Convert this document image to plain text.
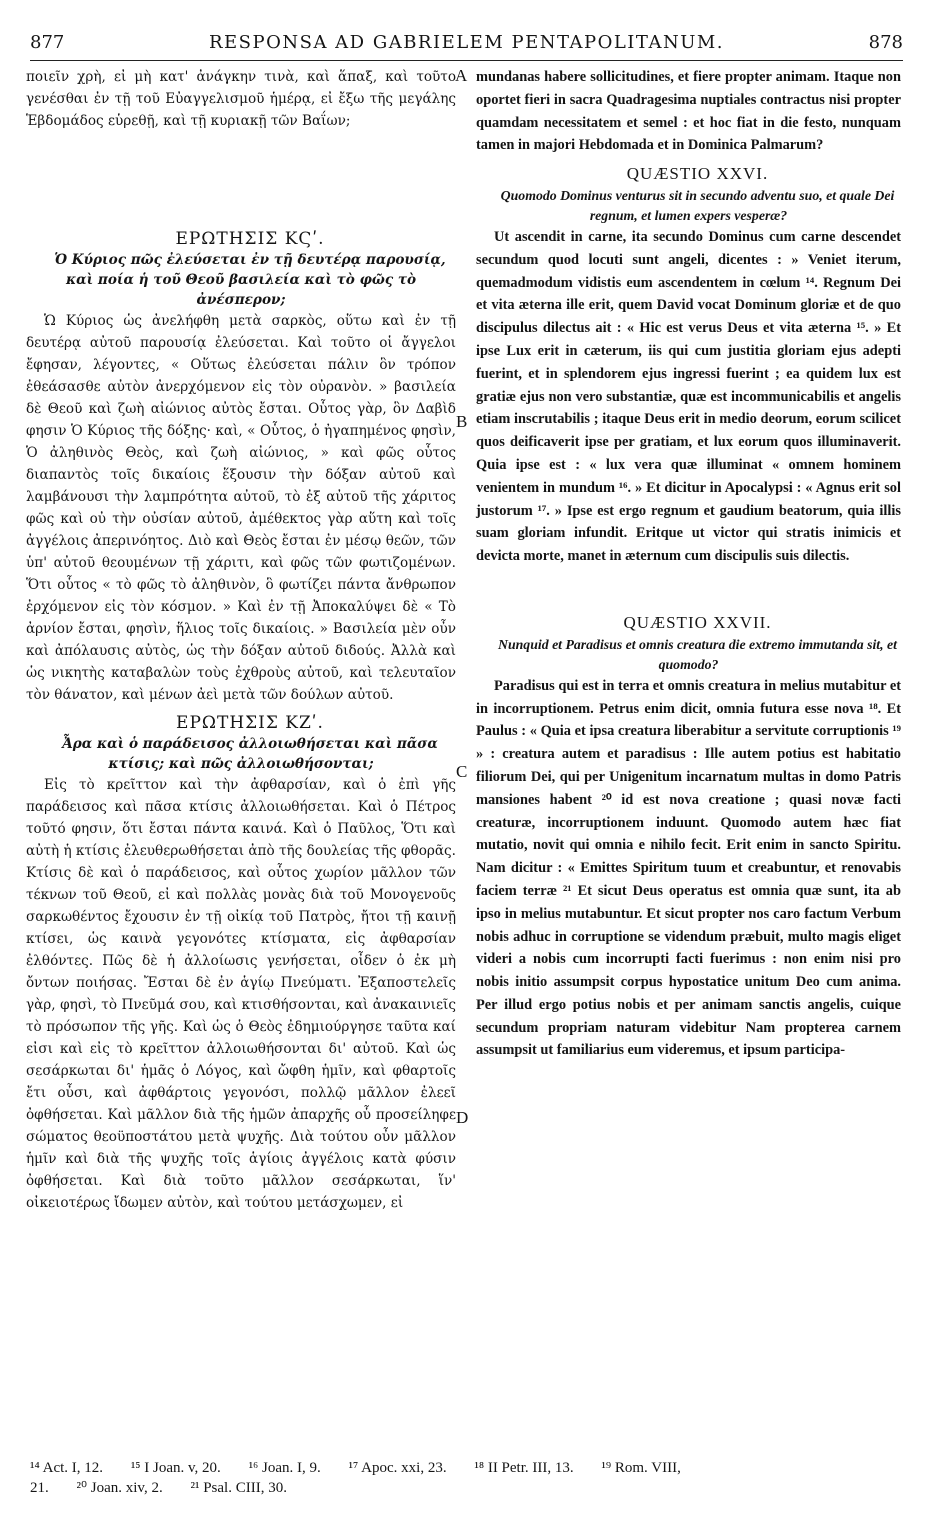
877	RESPONSA AD GABRIELEM PENTAPOLITANUM.	878

ποιεῖν χρὴ, εἰ μὴ κατ' ἀνάγκην τινὰ, καὶ ἅπαξ, καὶ τοῦτο γενέσθαι ἐν τῇ τοῦ Εὐαγγελισμοῦ ἡμέρᾳ, εἰ ἔξω τῆς μεγάλης Ἑβδομάδος εὑρεθῇ, καὶ τῇ κυριακῇ τῶν Βαΐων;

ΕΡΩΤΗΣΙΣ ΚϚʹ.

Ὁ Κύριος πῶς ἐλεύσεται ἐν τῇ δευτέρᾳ παρουσίᾳ, καὶ ποία ἡ τοῦ Θεοῦ βασιλεία καὶ τὸ φῶς τὸ ἀνέσπερον;

Ὡ Κύριος ὡς ἀνελήφθη μετὰ σαρκὸς, οὕτω καὶ ἐν τῇ δευτέρᾳ αὐτοῦ παρουσίᾳ ἐλεύσεται. Καὶ τοῦτο οἱ ἄγγελοι ἔφησαν, λέγοντες, « Οὕτως ἐλεύσεται πάλιν ὃν τρόπον ἐθεάσασθε αὐτὸν ἀνερχόμενον εἰς τὸν οὐρανὸν. » βασιλεία δὲ Θεοῦ καὶ ζωὴ αἰώνιος αὐτὸς ἔσται. Οὗτος γὰρ, ὃν Δαβὶδ φησιν Ὁ Κύριος τῆς δόξης· καὶ, « Οὗτος, ὁ ἠγαπημένος φησὶν, Ὁ ἀληθινὸς Θεὸς, καὶ ζωὴ αἰώνιος, » καὶ φῶς οὗτος διαπαντὸς τοῖς δικαίοις ἕξουσιν τὴν δόξαν αὐτοῦ καὶ λαμβάνουσι τὴν λαμπρότητα αὐτοῦ, τὸ ἐξ αὐτοῦ τῆς χάριτος φῶς καὶ οὐ τὴν οὐσίαν αὐτοῦ, ἀμέθεκτος γὰρ αὕτη καὶ τοῖς ἀγγέλοις ἀπερινόητος. Διὸ καὶ Θεὸς ἔσται ἐν μέσῳ θεῶν, τῶν ὑπ' αὐτοῦ θεουμένων τῇ χάριτι, καὶ φῶς τῶν φωτιζομένων. Ὅτι οὗτος « τὸ φῶς τὸ ἀληθινὸν, ὃ φωτίζει πάντα ἄνθρωπον ἐρχόμενον εἰς τὸν κόσμον. » Καὶ ἐν τῇ Ἀποκαλύψει δὲ « Τὸ ἀρνίον ἔσται, φησὶν, ἥλιος τοῖς δικαίοις. » Βασιλεία μὲν οὖν καὶ ἀπόλαυσις αὐτὸς, ὡς τὴν δόξαν αὐτοῦ διδούς. Ἀλλὰ καὶ ὡς νικητὴς καταβαλὼν τοὺς ἐχθροὺς αὐτοῦ, καὶ τελευταῖον τὸν θάνατον, καὶ μένων ἀεὶ μετὰ τῶν δούλων αὐτοῦ.

ΕΡΩΤΗΣΙΣ ΚΖʹ.

Ἆρα καὶ ὁ παράδεισος ἀλλοιωθήσεται καὶ πᾶσα κτίσις; καὶ πῶς ἀλλοιωθήσονται;

Εἰς τὸ κρεῖττον καὶ τὴν ἀφθαρσίαν, καὶ ὁ ἐπὶ γῆς παράδεισος καὶ πᾶσα κτίσις ἀλλοιωθήσεται. Καὶ ὁ Πέτρος τοῦτό φησιν, ὅτι ἔσται πάντα καινά. Καὶ ὁ Παῦλος, Ὅτι καὶ αὐτὴ ἡ κτίσις ἐλευθερωθήσεται ἀπὸ τῆς δουλείας τῆς φθορᾶς. Κτίσις δὲ καὶ ὁ παράδεισος, καὶ οὗτος χωρίον μᾶλλον τῶν τέκνων τοῦ Θεοῦ, εἰ καὶ πολλὰς μονὰς διὰ τοῦ Μονογενοῦς σαρκωθέντος ἔχουσιν ἐν τῇ οἰκίᾳ τοῦ Πατρὸς, ἤτοι τῇ καινῇ κτίσει, ὡς καινὰ γεγονότες κτίσματα, εἰς ἀφθαρσίαν ἐλθόντες. Πῶς δὲ ἡ ἀλλοίωσις γενήσεται, οἶδεν ὁ ἐκ μὴ ὄντων ποιήσας. Ἔσται δὲ ἐν ἁγίῳ Πνεύματι. Ἐξαποστελεῖς γὰρ, φησὶ, τὸ Πνεῦμά σου, καὶ κτισθήσονται, καὶ ἀνακαινιεῖς τὸ πρόσωπον τῆς γῆς. Καὶ ὡς ὁ Θεὸς ἐδημιούργησε ταῦτα καί εἰσι καὶ εἰς τὸ κρεῖττον ἀλλοιωθήσονται δι' αὐτοῦ. Καὶ ὡς σεσάρκωται δι' ἡμᾶς ὁ Λόγος, καὶ ὤφθη ἡμῖν, καὶ φθαρτοῖς ἔτι οὖσι, καὶ ἀφθάρτοις γεγονόσι, πολλῷ μᾶλλον ἐλεεῖ ὀφθήσεται. Καὶ μᾶλλον διὰ τῆς ἡμῶν ἀπαρχῆς οὗ προσείληφε σώματος θεοϋποστάτου μετὰ ψυχῆς. Διὰ τούτου οὖν μᾶλλον ἡμῖν καὶ διὰ τῆς ψυχῆς τοῖς ἁγίοις ἀγγέλοις κατὰ φύσιν ὀφθήσεται. Καὶ διὰ τοῦτο μᾶλλον σεσάρκωται, ἵν' οἰκειοτέρως ἴδωμεν αὐτὸν, καὶ τούτου μετάσχωμεν, εἰ

A
B
C
D

mundanas habere sollicitudines, et fiere propter animam. Itaque non oportet fieri in sacra Quadragesima nuptiales contractus nisi propter quamdam necessitatem et semel : et hoc fiat in die festo, nunquam tamen in majori Hebdomada et in Dominica Palmarum?

QUÆSTIO XXVI.

Quomodo Dominus venturus sit in secundo adventu suo, et quale Dei regnum, et lumen expers vesperæ?

Ut ascendit in carne, ita secundo Dominus cum carne descendet secundum quod locuti sunt angeli, dicentes : » Veniet iterum, quemadmodum vidistis eum ascendentem in cœlum ¹⁴. Regnum Dei et vita æterna ille erit, quem David vocat Dominum gloriæ et de quo discipulus dilectus ait : « Hic est verus Deus et vita æterna ¹⁵. » Et ipse Lux erit in cæterum, iis qui cum justitia gloriam ejus adepti fuerint, et in splendorem ejus ingressi fuerint ; ea quidem lux est gratiæ ejus non vero substantiæ, quæ est incommunicabilis et angelis etiam inscrutabilis ; itaque Deus erit in medio deorum, eorum scilicet quos deificaverit ipse per gratiam, et lux eorum quos illuminaverit. Quia ipse est : « lux vera quæ illuminat « omnem hominem venientem in mundum ¹⁶. » Et dicitur in Apocalypsi : « Agnus erit sol justorum ¹⁷. » Ipse est ergo regnum et gaudium beatorum, quia illis suam gloriam infundit. Eritque ut victor qui stratis inimicis et devicta morte, manet in æternum cum discipulis suis dilectis.

QUÆSTIO XXVII.

Nunquid et Paradisus et omnis creatura die extremo immutanda sit, et quomodo?

Paradisus qui est in terra et omnis creatura in melius mutabitur et in incorruptionem. Petrus enim dicit, omnia futura esse nova ¹⁸. Et Paulus : « Quia et ipsa creatura liberabitur a servitute corruptionis ¹⁹ » : creatura autem et paradisus : Ille autem potius est habitatio filiorum Dei, qui per Unigenitum incarnatum multas in domo Patris mansiones habent ²⁰ id est nova creatione ; quasi novæ facti creaturæ, incorruptionem induunt. Quomodo autem hæc fiat mutatio, novit qui omnia e nihilo fecit. Erit enim in sancto Spiritu. Nam dicitur : « Emittes Spiritum tuum et creabuntur, et renovabis faciem terræ ²¹ Et sicut Deus operatus est omnia quæ sunt, ita ab ipso in melius mutabuntur. Et sicut propter nos caro factum Verbum nobis adhuc in corruptione se videndum præbuit, multo magis eliget videri a nobis cum incorrupti facti fuerimus : non enim nisi pro nobis initio assumpsit corpus hypostatice unitum Deo cum anima. Per illud ergo potius nobis et per animam sanctis angelis, cuique secundum propriam naturam videbitur Nam propterea carnem assumpsit ut familiarius eum videremus, et ipsum participa-

¹⁴ Act. I, 12. ¹⁵ I Joan. v, 20. ¹⁶ Joan. I, 9. ¹⁷ Apoc. xxi, 23. ¹⁸ II Petr. III, 13. ¹⁹ Rom. VIII,
21. ²⁰ Joan. xiv, 2. ²¹ Psal. CIII, 30.
